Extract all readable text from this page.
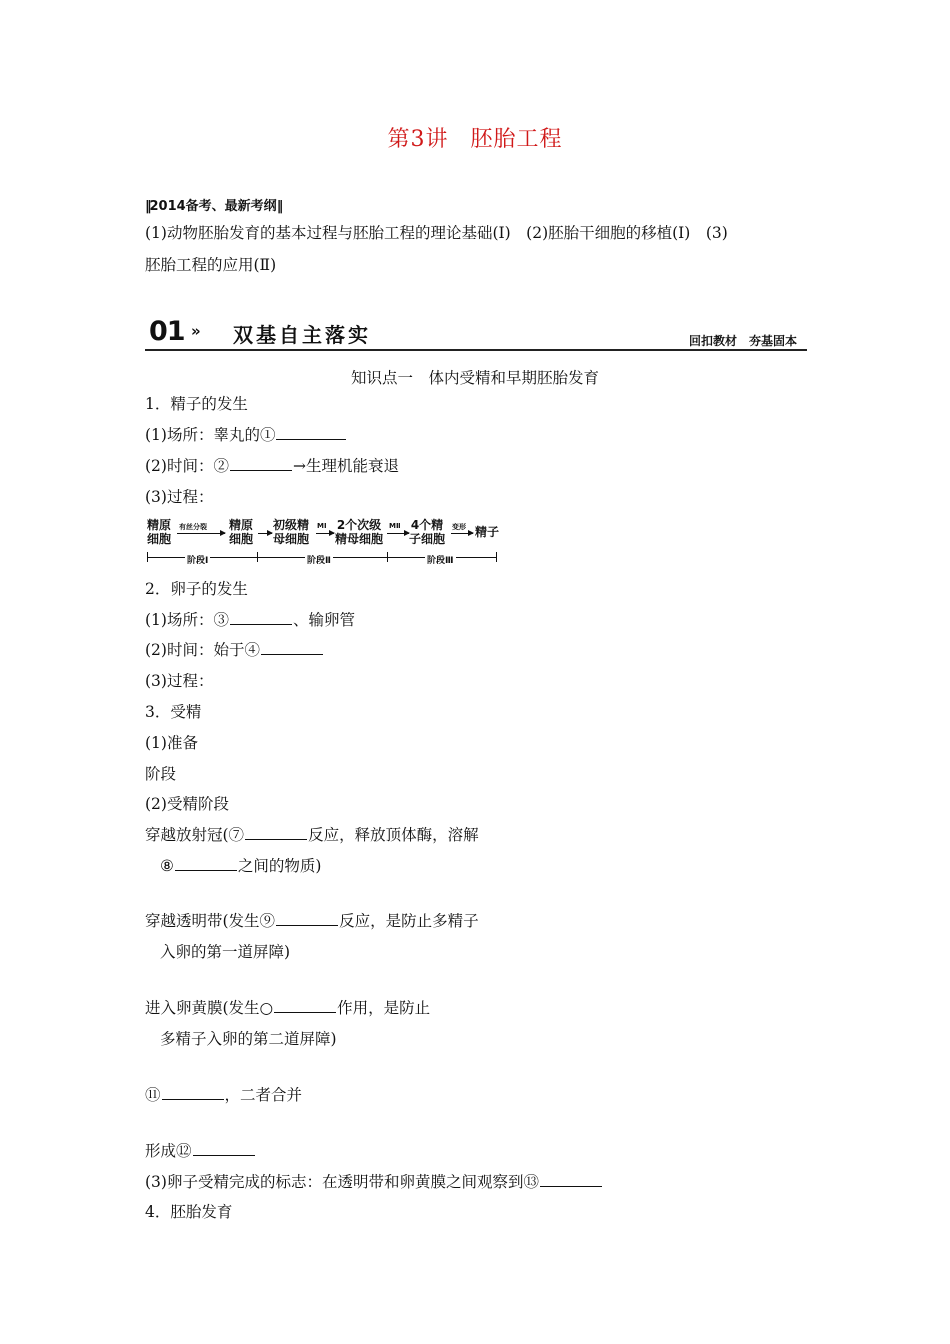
第3讲 胚胎工程
‖2014备考、最新考纲‖
(1)动物胚胎发育的基本过程与胚胎工程的理论基础(Ⅰ)　(2)胚胎干细胞的移植(Ⅰ)　(3)
胚胎工程的应用(Ⅱ)
01 » 双基自主落实	回扣教材　夯基固本
知识点一　体内受精和早期胚胎发育
1．精子的发生
(1)场所：睾丸的①
(2)时间：②	→生理机能衰退
(3)过程：
精原
细胞
有丝分裂 精原
细胞
初级精
母细胞
MⅠ 2个次级
精母细胞
MⅡ 4个精
子细胞
变形 精子
阶段Ⅰ	阶段Ⅱ	阶段Ⅲ
2．卵子的发生
(1)场所：③	、输卵管
(2)时间：始于④
(3)过程：
3．受精
(1)准备
阶段
(2)受精阶段
穿越放射冠(⑦	反应，释放顶体酶，溶解
⑧	之间的物质)
穿越透明带(发生⑨	反应，是防止多精子
入卵的第一道屏障)
进入卵黄膜(发生○	作用，是防止
多精子入卵的第二道屏障)
⑪	，二者合并
形成⑫
(3)卵子受精完成的标志：在透明带和卵黄膜之间观察到⑬
4．胚胎发育
